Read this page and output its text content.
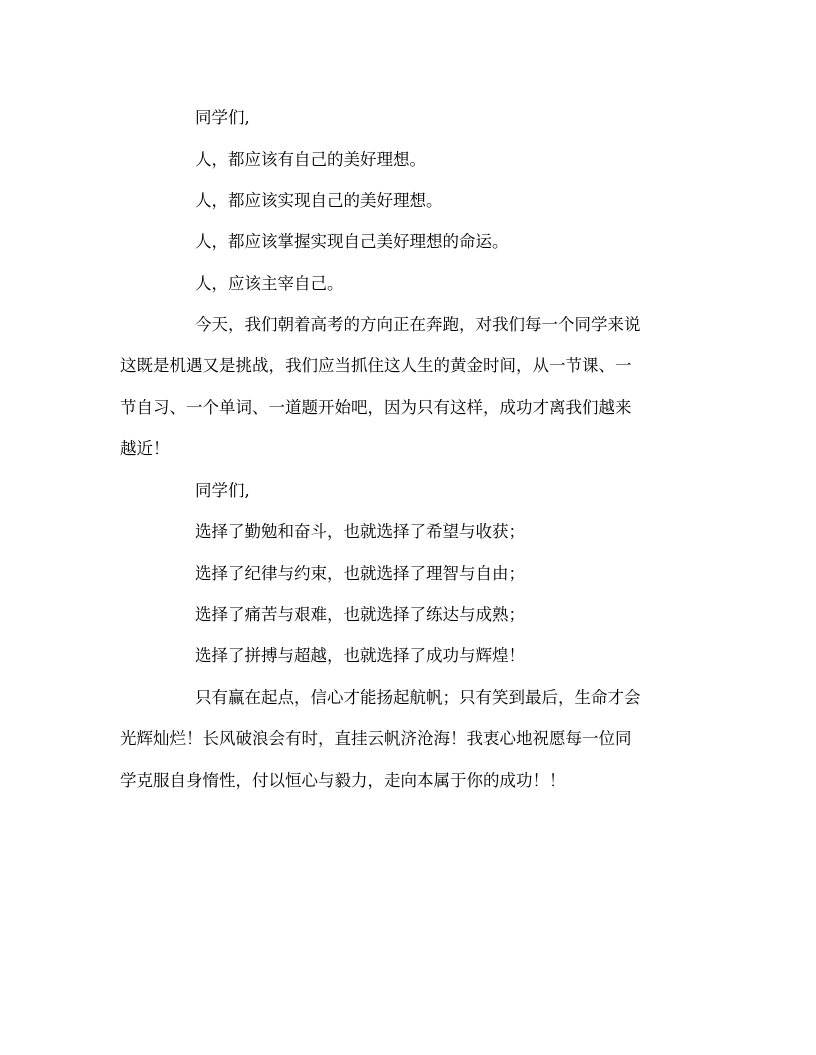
同学们,
人，都应该有自己的美好理想。
人，都应该实现自己的美好理想。
人，都应该掌握实现自己美好理想的命运。
人，应该主宰自己。
今天，我们朝着高考的方向正在奔跑，对我们每一个同学来说
这既是机遇又是挑战，我们应当抓住这人生的黄金时间，从一节课、一
节自习、一个单词、一道题开始吧，因为只有这样，成功才离我们越来
越近！
同学们,
选择了勤勉和奋斗，也就选择了希望与收获；
选择了纪律与约束，也就选择了理智与自由；
选择了痛苦与艰难，也就选择了练达与成熟；
选择了拼搏与超越，也就选择了成功与辉煌！
只有赢在起点，信心才能扬起航帆；只有笑到最后，生命才会
光辉灿烂！长风破浪会有时，直挂云帆济沧海！我衷心地祝愿每一位同
学克服自身惰性，付以恒心与毅力，走向本属于你的成功！！
